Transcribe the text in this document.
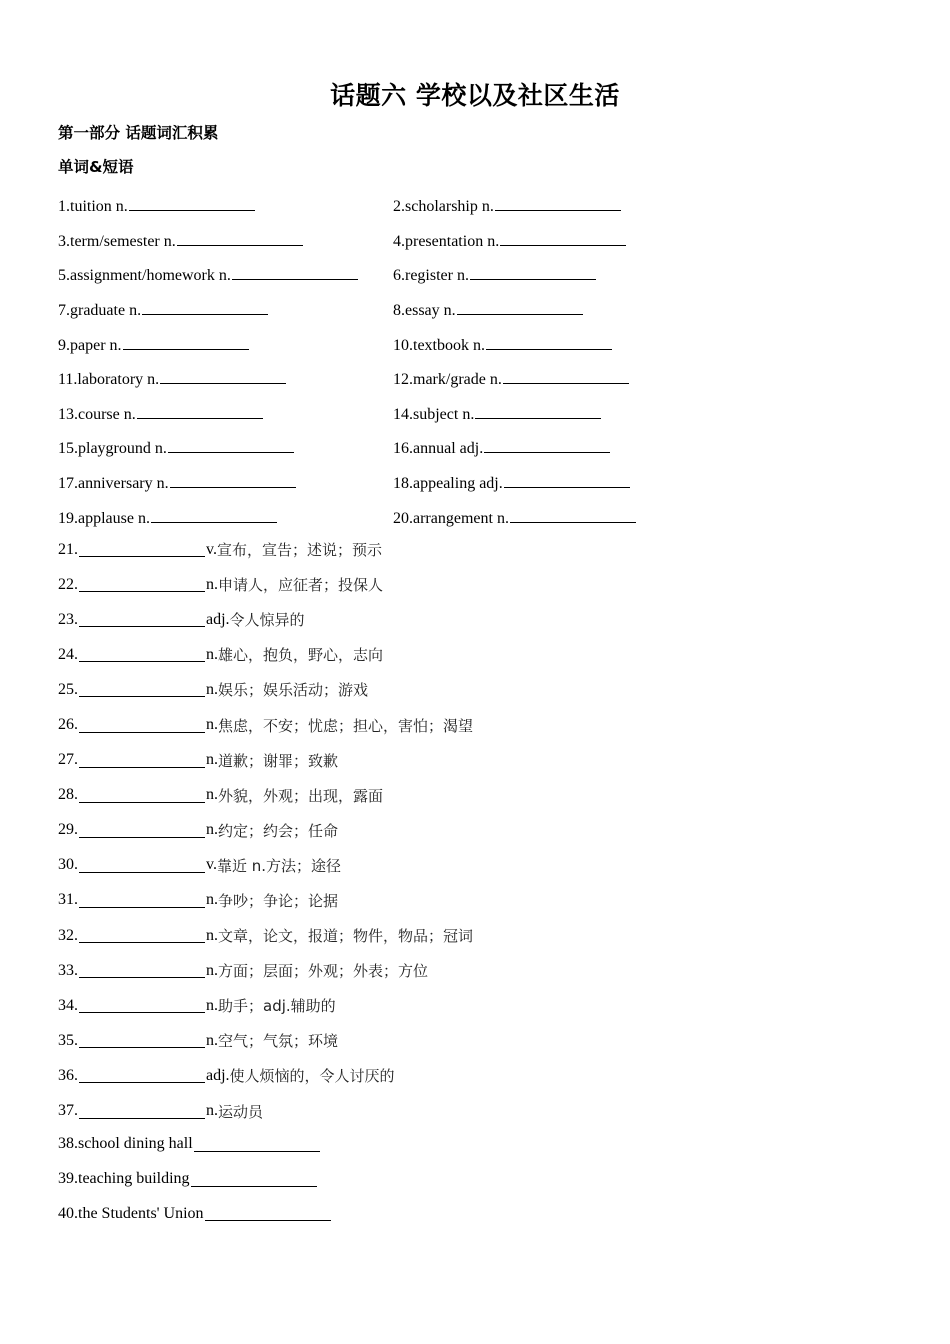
话题六 学校以及社区生活
第一部分 话题词汇积累
单词&短语
1.tuition n.	2.scholarship n.
3.term/semester n.	4.presentation n.
5.assignment/homework n.	6.register n.
7.graduate n.	8.essay n.
9.paper n.	10.textbook n.
11.laboratory n.	12.mark/grade n.
13.course n.	14.subject n.
15.playground n.	16.annual adj.
17.anniversary n.	18.appealing adj.
19.applause n.	20.arrangement n.
21.	v. 宣布，宣告；述说；预示
22.	n. 申请人，应征者；投保人
23.	adj. 令人惊异的
24.	n. 雄心，抱负，野心，志向
25.	n. 娱乐；娱乐活动；游戏
26.	n. 焦虑，不安；忧虑；担心，害怕；渴望
27.	n. 道歉；谢罪；致歉
28.	n. 外貌，外观；出现，露面
29.	n. 约定；约会；任命
30.	v. 靠近 n.方法；途径
31.	n. 争吵；争论；论据
32.	n. 文章，论文，报道；物件，物品；冠词
33.	n. 方面；层面；外观；外表；方位
34.	n. 助手；adj.辅助的
35.	n. 空气；气氛；环境
36.	adj. 使人烦恼的，令人讨厌的
37.	n. 运动员
38.school dining hall
39.teaching building
40.the Students' Union
